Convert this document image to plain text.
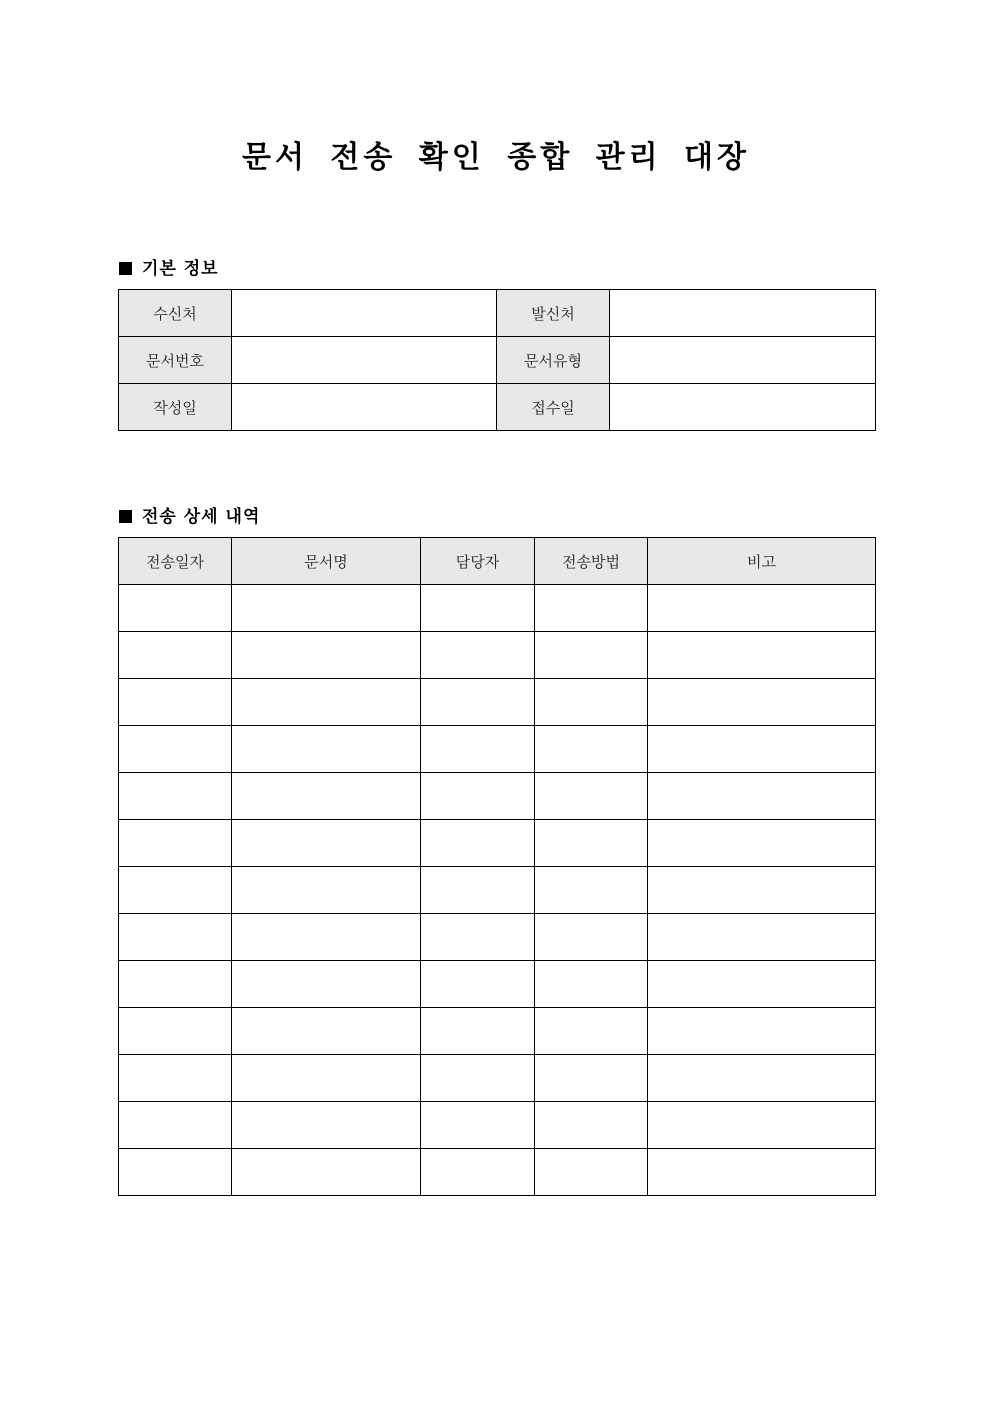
문서 전송 확인 종합 관리 대장
기본 정보
수신처		발신처	
문서번호		문서유형	
작성일		접수일	
전송 상세 내역
전송일자	문서명	담당자	전송방법	비고
